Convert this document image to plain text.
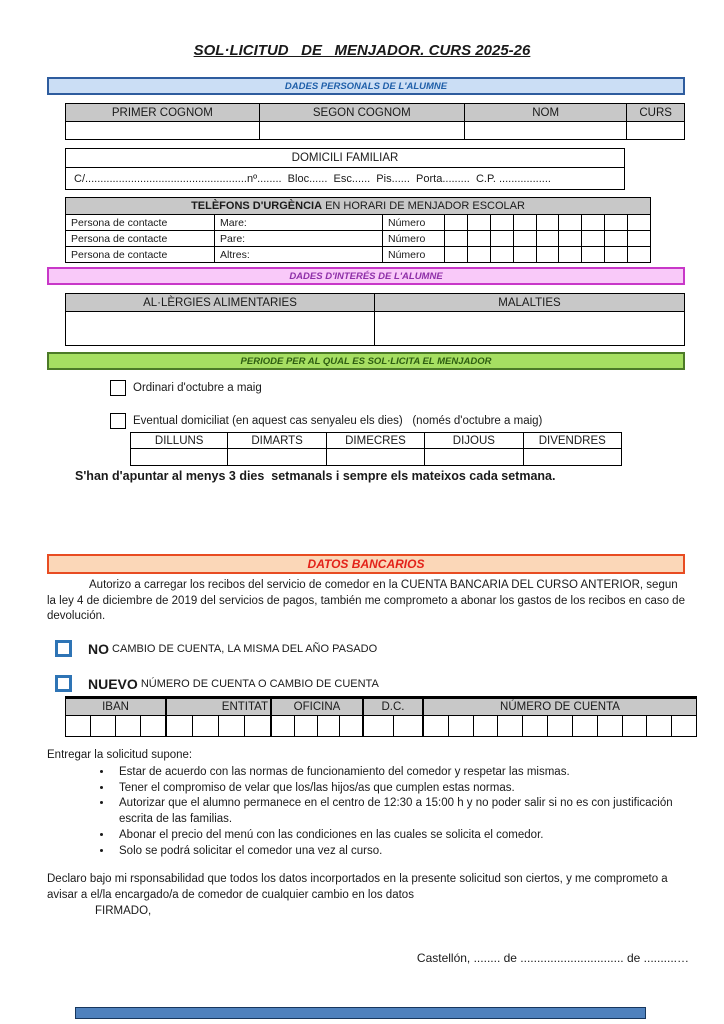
SOL·LICITUD   DE   MENJADOR. CURS 2025-26
DADES PERSONALS DE L'ALUMNE
PRIMER COGNOM	SEGON COGNOM	NOM	CURS
DOMICILI FAMILIAR
C/.....................................................nº........  Bloc......  Esc......  Pis......  Porta.........  C.P. .................
TELÈFONS D'URGÈNCIA EN HORARI DE MENJADOR ESCOLAR
Persona de contacte	Mare:	Número
Persona de contacte	Pare:	Número
Persona de contacte	Altres:	Número
DADES D'INTERÉS DE L'ALUMNE
AL·LÈRGIES ALIMENTARIES	MALALTIES
PERIODE PER AL QUAL ES SOL·LICITA EL MENJADOR
Ordinari d'octubre a maig
Eventual domiciliat (en aquest cas senyaleu els dies)   (només d'octubre a maig)
DILLUNS	DIMARTS	DIMECRES	DIJOUS	DIVENDRES
S'han d'apuntar al menys 3 dies  setmanals i sempre els mateixos cada setmana.
DATOS BANCARIOS
Autorizo a carregar los recibos del servicio de comedor en la CUENTA BANCARIA DEL CURSO ANTERIOR, segun la ley 4 de diciembre de 2019 del servicios de pagos, también me comprometo a abonar los gastos de los recibos en caso de devolución.
NO CAMBIO DE CUENTA, LA MISMA DEL AÑO PASADO
NUEVO NÚMERO DE CUENTA O CAMBIO DE CUENTA
IBAN	ENTITAT	OFICINA	D.C.	NÚMERO DE CUENTA
Entregar la solicitud supone:
• Estar de acuerdo con las normas de funcionamiento del comedor y respetar las mismas.
• Tener el compromiso de velar que los/las hijos/as que cumplen estas normas.
• Autorizar que el alumno permanece en el centro de 12:30 a 15:00 h y no poder salir si no es con justificación escrita de las familias.
• Abonar el precio del menú con las condiciones en las cuales se solicita el comedor.
• Solo se podrá solicitar el comedor una vez al curso.
Declaro bajo mi rsponsabilidad que todos los datos incorportados en la presente solicitud son ciertos, y me comprometo a avisar a el/la encargado/a de comedor de cualquier cambio en los datos
FIRMADO,
Castellón, ........ de ............................... de ..........…
